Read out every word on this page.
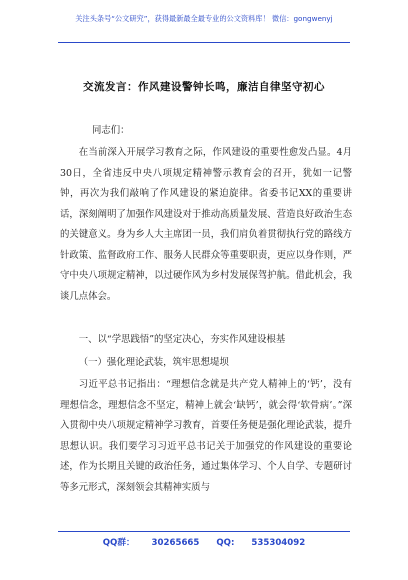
关注头条号“公文研究”，获得最新最全最专业的公文资料库！ 微信：gongwenyj
交流发言：作风建设警钟长鸣，廉洁自律坚守初心
同志们：
在当前深入开展学习教育之际，作风建设的重要性愈发凸显。4月30日，全省违反中央八项规定精神警示教育会的召开，犹如一记警钟，再次为我们敲响了作风建设的紧迫旋律。省委书记XX的重要讲话，深刻阐明了加强作风建设对于推动高质量发展、营造良好政治生态的关键意义。身为乡人大主席团一员，我们肩负着贯彻执行党的路线方针政策、监督政府工作、服务人民群众等重要职责，更应以身作则，严守中央八项规定精神，以过硬作风为乡村发展保驾护航。借此机会，我谈几点体会。
一、以“学思践悟”的坚定决心，夯实作风建设根基
（一）强化理论武装，筑牢思想堤坝
习近平总书记指出：“理想信念就是共产党人精神上的‘钙’，没有理想信念，理想信念不坚定，精神上就会‘缺钙’，就会得‘软骨病’。”深入贯彻中央八项规定精神学习教育，首要任务便是强化理论武装，提升思想认识。我们要学习习近平总书记关于加强党的作风建设的重要论述，作为长期且关键的政治任务，通过集体学习、个人自学、专题研讨等多元形式，深刻领会其精神实质与
QQ群： 30265665 QQ: 535304092
